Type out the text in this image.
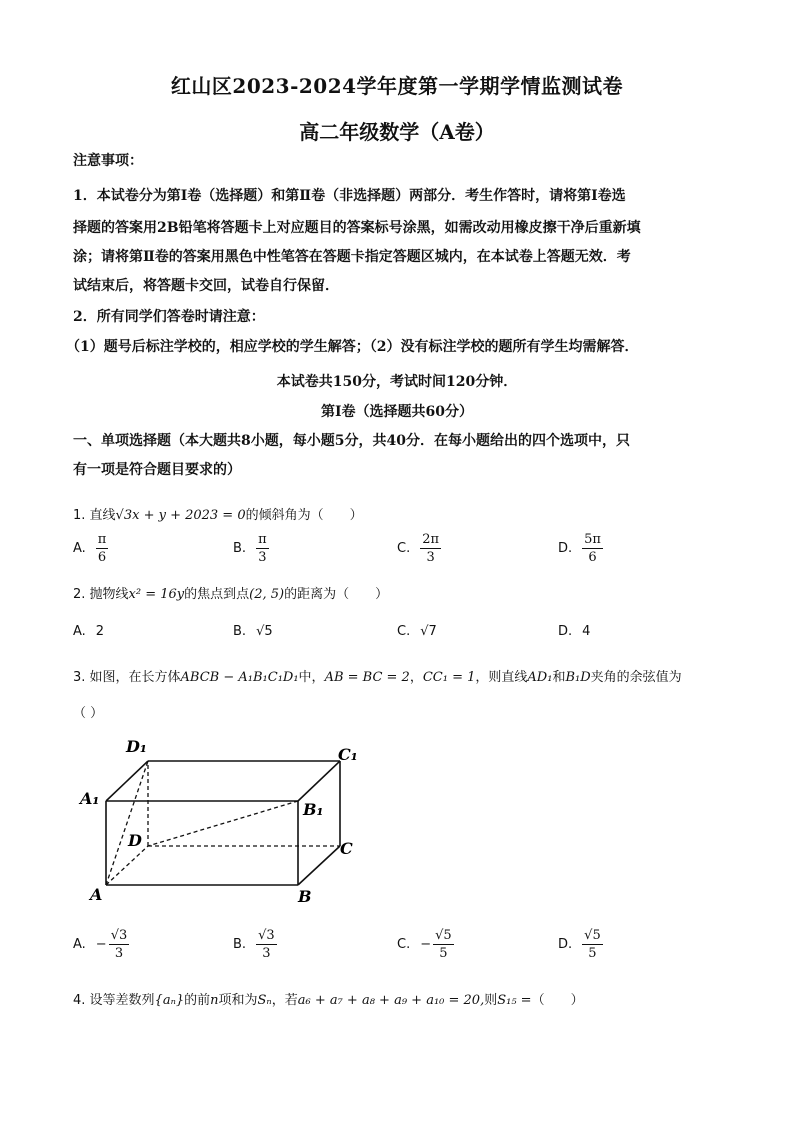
红山区2023-2024学年度第一学期学情监测试卷
高二年级数学（A卷）
注意事项：
1．本试卷分为第Ⅰ卷（选择题）和第Ⅱ卷（非选择题）两部分．考生作答时，请将第Ⅰ卷选
择题的答案用2B铅笔将答题卡上对应题目的答案标号涂黑，如需改动用橡皮擦干净后重新填
涂；请将第Ⅱ卷的答案用黑色中性笔答在答题卡指定答题区城内，在本试卷上答题无效．考
试结束后，将答题卡交回，试卷自行保留．
2．所有同学们答卷时请注意：
（1）题号后标注学校的，相应学校的学生解答；（2）没有标注学校的题所有学生均需解答．
本试卷共150分，考试时间120分钟．
第Ⅰ卷（选择题共60分）
一、单项选择题（本大题共8小题，每小题5分，共40分．在每小题给出的四个选项中，只
有一项是符合题目要求的）
1. 直线√3x + y + 2023 = 0的倾斜角为（　　）
A. $\frac{\pi}{6}$	B. $\frac{\pi}{3}$	C. $\frac{2\pi}{3}$	D. $\frac{5\pi}{6}$
2. 抛物线x² = 16y的焦点到点(2, 5)的距离为（　　）
A. 2	B. √5	C. √7	D. 4
3. 如图，在长方体ABCB − A₁B₁C₁D₁中，AB = BC = 2，CC₁ = 1，则直线AD₁和B₁D夹角的余弦值为
（ ）
D₁	C₁
A₁
B₁
D	C
A	B
A. − $\frac{√3}{3}$	B. $\frac{√3}{3}$	C. − $\frac{√5}{5}$	D. $\frac{√5}{5}$
4. 设等差数列{aₙ}的前n项和为Sₙ，若a₆ + a₇ + a₈ + a₉ + a₁₀ = 20,则S₁₅ =（　　）
